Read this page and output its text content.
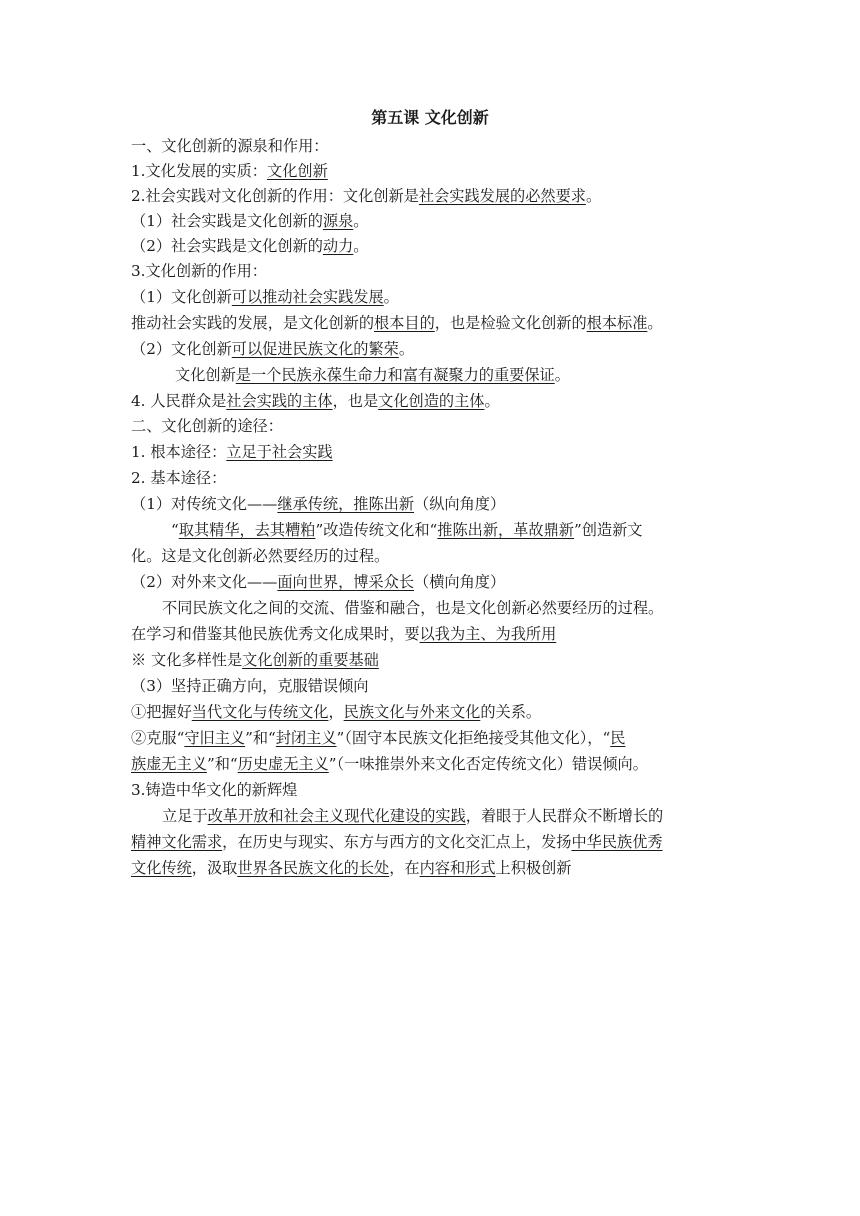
第五课 文化创新
一、文化创新的源泉和作用：
1.文化发展的实质：文化创新
2.社会实践对文化创新的作用：文化创新是社会实践发展的必然要求。
（1）社会实践是文化创新的源泉。
（2）社会实践是文化创新的动力。
3.文化创新的作用：
（1）文化创新可以推动社会实践发展。
推动社会实践的发展，是文化创新的根本目的，也是检验文化创新的根本标准。
（2）文化创新可以促进民族文化的繁荣。
文化创新是一个民族永葆生命力和富有凝聚力的重要保证。
4. 人民群众是社会实践的主体，也是文化创造的主体。
二、文化创新的途径：
1. 根本途径：立足于社会实践
2. 基本途径：
（1）对传统文化——继承传统，推陈出新（纵向角度）
“取其精华，去其糟粕”改造传统文化和“推陈出新，革故鼎新”创造新文
化。这是文化创新必然要经历的过程。
（2）对外来文化——面向世界，博采众长（横向角度）
不同民族文化之间的交流、借鉴和融合，也是文化创新必然要经历的过程。
在学习和借鉴其他民族优秀文化成果时，要以我为主、为我所用
※ 文化多样性是文化创新的重要基础
（3）坚持正确方向，克服错误倾向
①把握好当代文化与传统文化，民族文化与外来文化的关系。
②克服“守旧主义”和“封闭主义”（固守本民族文化拒绝接受其他文化），“民
族虚无主义”和“历史虚无主义”（一味推崇外来文化否定传统文化）错误倾向。
3.铸造中华文化的新辉煌
立足于改革开放和社会主义现代化建设的实践，着眼于人民群众不断增长的
精神文化需求，在历史与现实、东方与西方的文化交汇点上，发扬中华民族优秀
文化传统，汲取世界各民族文化的长处，在内容和形式上积极创新
